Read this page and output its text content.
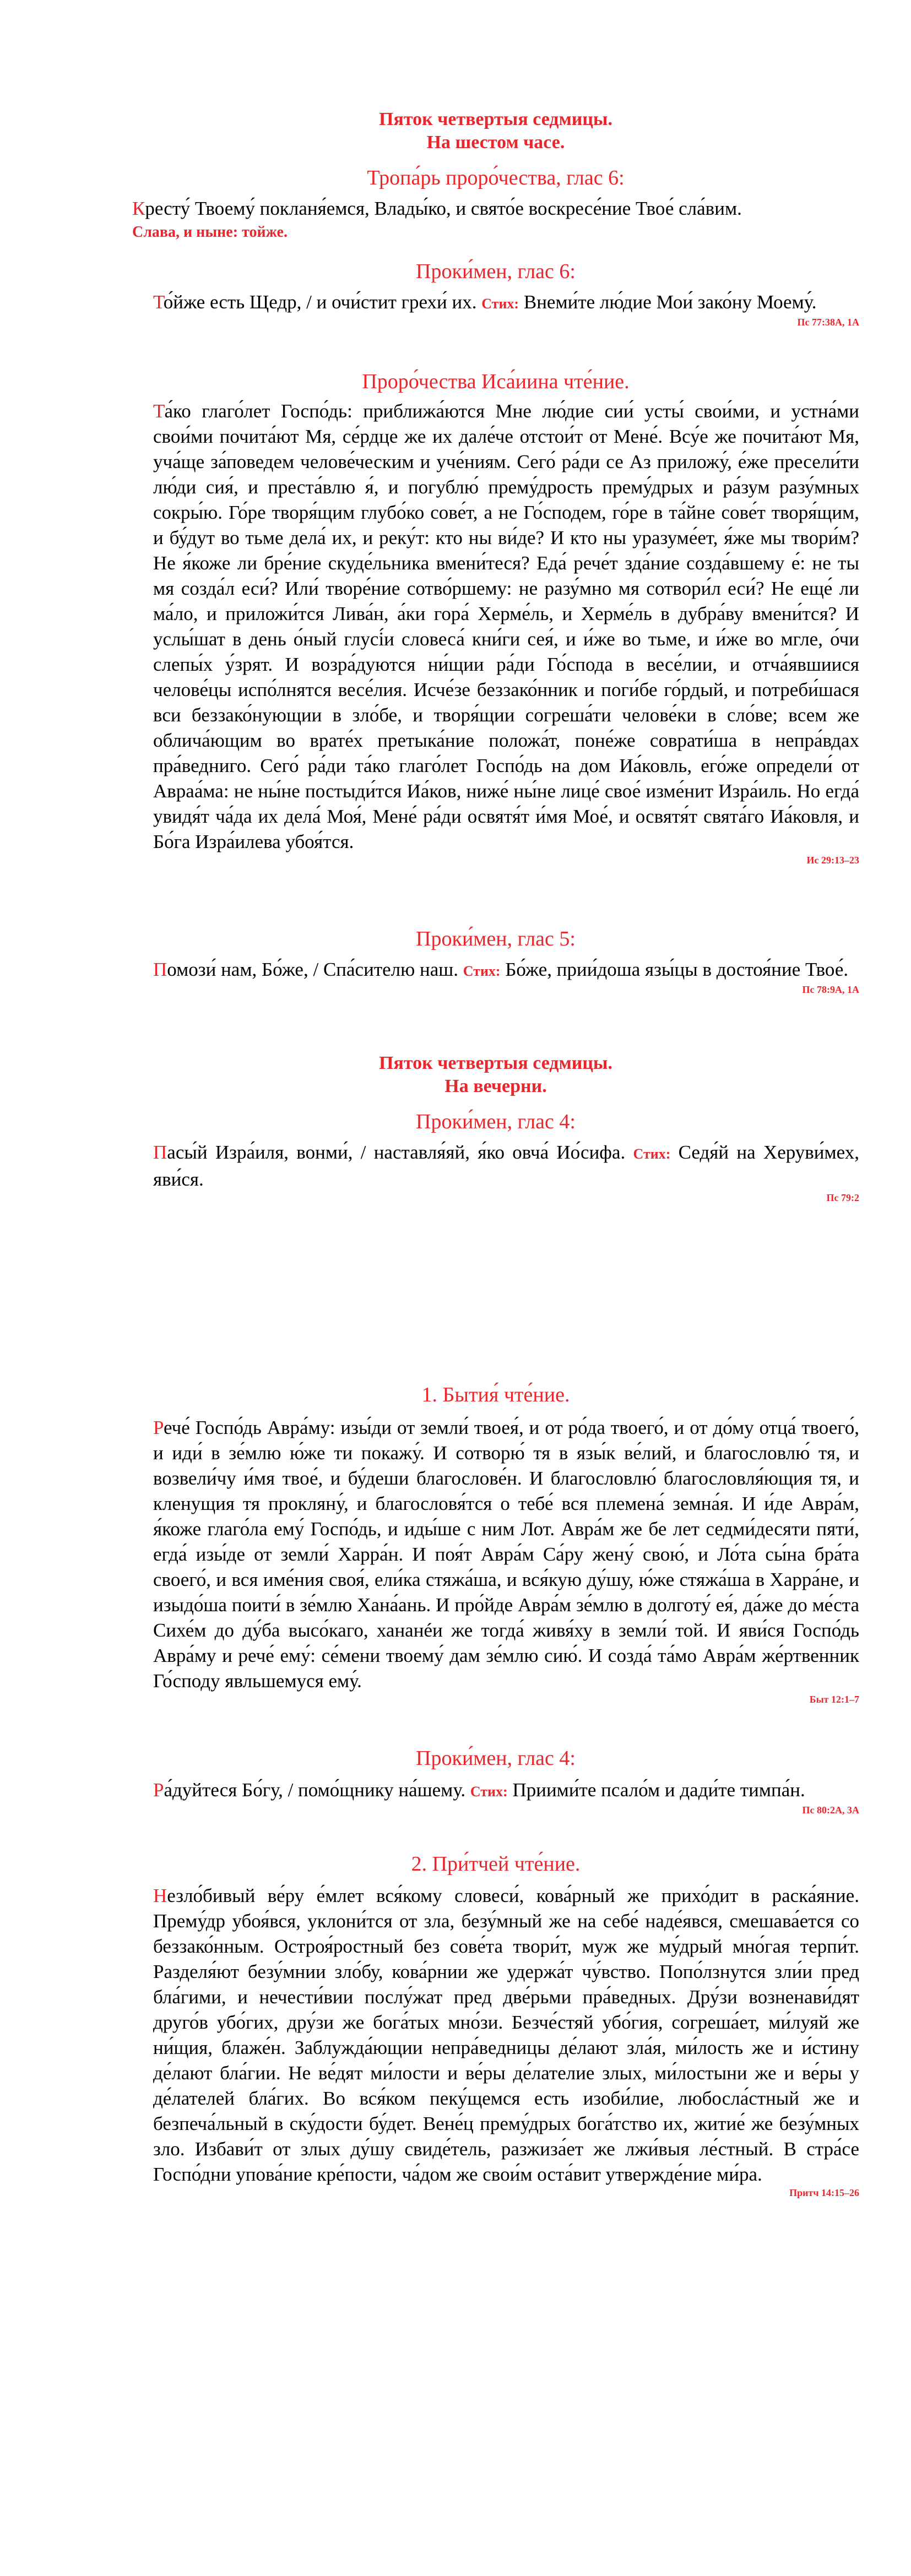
Пяток четвертыя седмицы.

На шестом часе.

Тропа́рь проро́чества, глас 6:

Кресту́ Твоему́ покланя́емся, Влады́ко, и свято́е воскресе́ние Твое́ сла́вим.

Слава, и ныне: тойже.

Проки́мен, глас 6:

То́йже есть Щедр, / и очи́стит грехи́ их. Стих: Внеми́те лю́дие Мои́ зако́ну Моему́.

Пс 77:38А, 1А

Проро́чества Иса́иина чте́ние.

Та́ко глаго́лет Госпо́дь: приближа́ются Мне лю́дие сии́ усты́ свои́ми, и устна́ми свои́ми почита́ют Мя, се́рдце же их дале́че отстои́т от Мене́. Всу́е же почита́ют Мя, уча́ще за́поведем челове́ческим и уче́ниям. Сего́ ра́ди се Аз приложу́, е́же пресели́ти лю́ди сия́, и преста́влю я́, и погублю́ прему́дрость прему́дрых и ра́зум разу́мных сокры́ю. Го́ре творя́щим глубо́ко сове́т, а не Го́сподем, го́ре в та́йне сове́т творя́щим, и бу́дут во тьме дела́ их, и реку́т: кто ны ви́де? И кто ны уразуме́ет, я́же мы твори́м? Не я́коже ли бре́ние скуде́льника вмени́теся? Еда́ рече́т зда́ние созда́вшему е́: не ты мя созда́л еси́? Или́ творе́ние сотво́ршему: не разу́мно мя сотвори́л еси́? Не еще́ ли ма́ло, и приложи́тся Лива́н, а́ки гора́ Херме́ль, и Херме́ль в дубра́ву вмени́тся? И услы́шат в день о́ный глусі́и словеса́ кни́ги сея́, и и́же во тьме, и и́же во мгле, о́чи слепы́х у́зрят. И возра́дуются ни́щии ра́ди Го́спода в весе́лии, и отча́явшиися челове́цы испо́лнятся весе́лия. Исче́зе беззако́нник и поги́бе го́рдый, и потреби́шася вси беззако́нующии в зло́бе, и творя́щии согреша́ти челове́ки в сло́ве; всем же облича́ющим во врате́х претыка́ние положа́т, поне́же соврати́ша в непра́вдах пра́ведниго. Сего́ ра́ди та́ко глаго́лет Госпо́дь на дом Иа́ковль, его́же определи́ от Авраа́ма: не ны́не постыди́тся Иа́ков, ниже́ ны́не лице́ свое́ изме́нит Изра́иль. Но егда́ увидя́т ча́да их дела́ Моя́, Мене́ ра́ди освятя́т и́мя Мое́, и освятя́т свята́го Иа́ковля, и Бо́га Изра́илева убоя́тся.

Ис 29:13–23

Проки́мен, глас 5:

Помози́ нам, Бо́же, / Спа́сителю наш. Стих: Бо́же, прии́доша язы́цы в достоя́ние Твое́.

Пс 78:9А, 1А

Пяток четвертыя седмицы.

На вечерни.

Проки́мен, глас 4:

Пасы́й Изра́иля, вонми́, / наставля́яй, я́ко овча́ Ио́сифа. Стих: Седя́й на Херуви́мех, яви́ся.

Пс 79:2

1. Бытия́ чте́ние.

Рече́ Госпо́дь Авра́му: изы́ди от земли́ твоея́, и от ро́да твоего́, и от до́му отца́ твоего́, и иди́ в зе́млю ю́же ти покажу́. И сотворю́ тя в язы́к ве́лий, и благословлю́ тя, и возвели́чу и́мя твое́, и бу́деши благослове́н. И благословлю́ благословля́ющия тя, и кленущия тя прокляну́, и благословя́тся о тебе́ вся племена́ земна́я. И и́де Авра́м, я́коже глаго́ла ему́ Госпо́дь, и иды́ше с ним Лот. Авра́м же бе лет седми́десяти пяти́, егда́ изы́де от земли́ Харра́н. И поя́т Авра́м Са́ру жену́ свою́, и Ло́та сы́на бра́та своего́, и вся име́ния своя́, ели́ка стяжа́ша, и вся́кую ду́шу, ю́же стяжа́ша в Харра́не, и изыдо́ша поити́ в зе́млю Хана́ань. И про́йде Авра́м зе́млю в долготу́ ея́, да́же до ме́ста Сихе́м до ду́ба высо́каго, хананéи же тогда́ живя́ху в земли́ той. И яви́ся Госпо́дь Авра́му и рече́ ему́: се́мени твоему́ дам зе́млю сию́. И созда́ та́мо Авра́м же́ртвенник Го́споду явльшемуся ему́.

Быт 12:1–7

Проки́мен, глас 4:

Ра́дуйтеся Бо́гу, / помо́щнику на́шему. Стих: Приими́те псало́м и дади́те тимпа́н.

Пс 80:2А, 3А

2. При́тчей чте́ние.

Незло́бивый ве́ру е́млет вся́кому словеси́, кова́рный же прихо́дит в раска́яние. Прему́др убоя́вся, уклони́тся от зла, безу́мный же на себе́ наде́явся, смешава́ется со беззако́нным. Остроя́ростный без сове́та твори́т, муж же му́дрый мно́гая терпи́т. Разделя́ют безу́мнии зло́бу, кова́рнии же удержа́т чу́вство. Попо́лзнутся зли́и пред бла́гими, и нечести́вии послу́жат пред две́рьми пра́ведных. Дру́зи возненави́дят друго́в убо́гих, дру́зи же бога́тых мно́зи. Безче́стяй убо́гия, согреша́ет, ми́луяй же ни́щия, блаже́н. Заблужда́ющии непра́ведницы де́лают зла́я, ми́лость же и и́стину де́лают бла́гии. Не ве́дят ми́лости и ве́ры де́лателие злых, ми́лостыни же и ве́ры у де́лателей бла́гих. Во вся́ком пеку́щемся есть изоби́лие, любосла́стный же и безпеча́льный в ску́дости бу́дет. Вене́ц прему́дрых бога́тство их, житие́ же безу́мных зло. Избави́т от злых ду́шу свиде́тель, разжиза́ет же лжи́выя ле́стный. В стра́се Госпо́дни упова́ние кре́пости, ча́дом же свои́м оста́вит утвержде́ние ми́ра.

Притч 14:15–26
